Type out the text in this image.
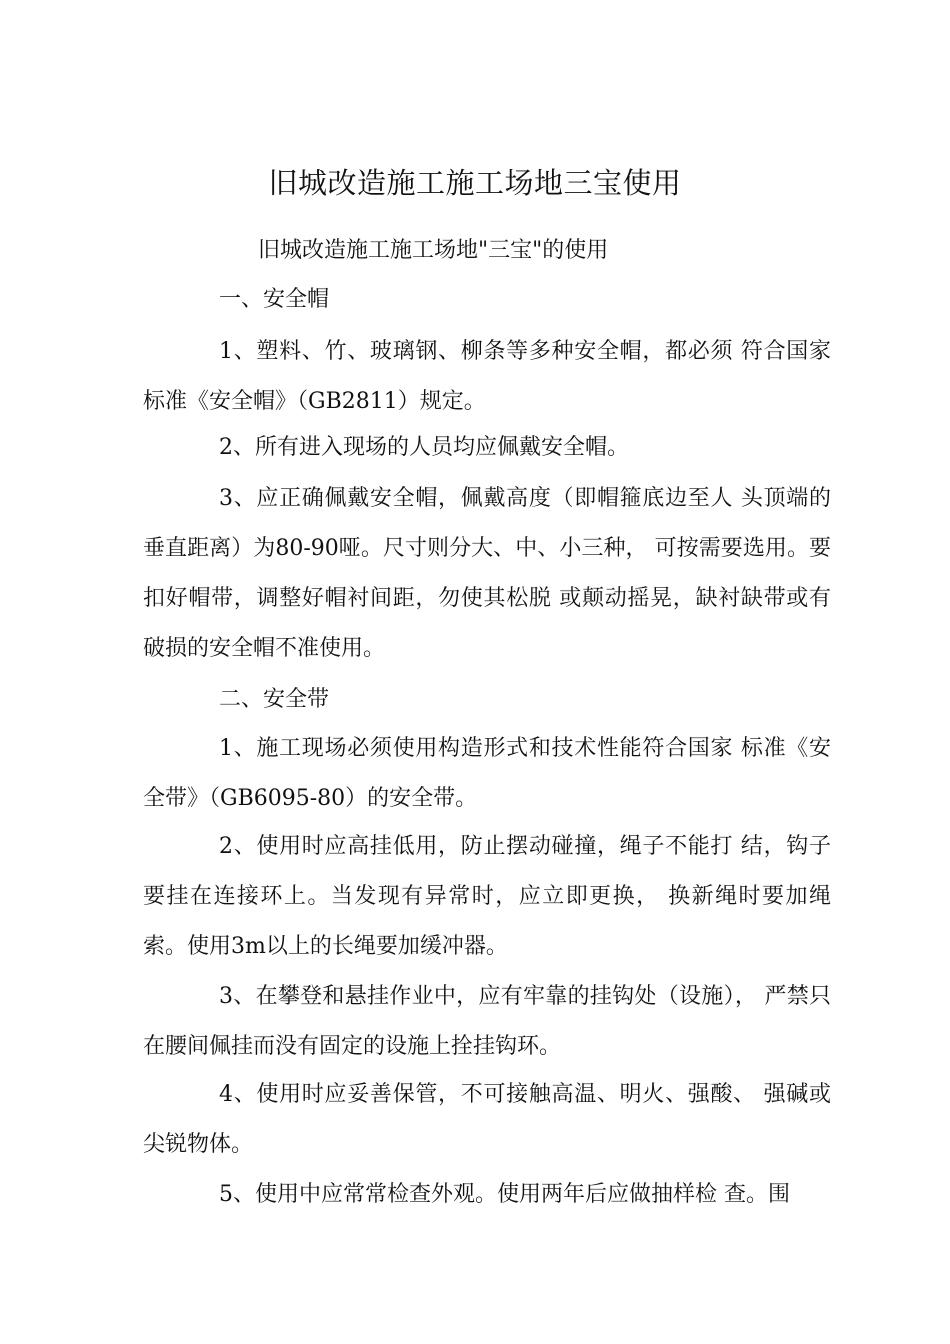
旧城改造施工施工场地三宝使用
旧城改造施工施工场地"三宝"的使用
一、安全帽

1、塑料、竹、玻璃钢、柳条等多种安全帽，都必须 符合国家标准《安全帽》（GB2811）规定。

2、所有进入现场的人员均应佩戴安全帽。

3、应正确佩戴安全帽，佩戴高度（即帽箍底边至人 头顶端的垂直距离）为80-90哑。尺寸则分大、中、小三种， 可按需要选用。要扣好帽带，调整好帽衬间距，勿使其松脱 或颠动摇晃，缺衬缺带或有破损的安全帽不准使用。

二、安全带

1、施工现场必须使用构造形式和技术性能符合国家 标准《安全带》（GB6095-80）的安全带。

2、使用时应高挂低用，防止摆动碰撞，绳子不能打 结，钩子要挂在连接环上。当发现有异常时，应立即更换， 换新绳时要加绳索。使用3m以上的长绳要加缓冲器。

3、在攀登和悬挂作业中，应有牢靠的挂钩处（设施）， 严禁只在腰间佩挂而没有固定的设施上拴挂钩环。

4、使用时应妥善保管，不可接触高温、明火、强酸、 强碱或尖锐物体。

5、使用中应常常检查外观。使用两年后应做抽样检 查。围
